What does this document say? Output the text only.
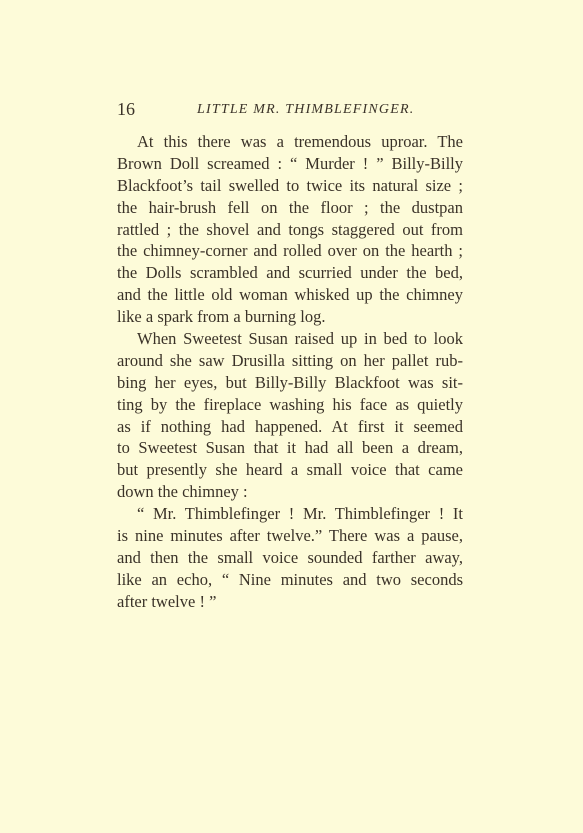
16	LITTLE MR. THIMBLEFINGER.
At this there was a tremendous uproar. The
Brown Doll screamed : “ Murder ! ” Billy-Billy
Blackfoot’s tail swelled to twice its natural size ;
the hair-brush fell on the floor ; the dustpan
rattled ; the shovel and tongs staggered out from
the chimney-corner and rolled over on the hearth ;
the Dolls scrambled and scurried under the bed,
and the little old woman whisked up the chimney
like a spark from a burning log.
When Sweetest Susan raised up in bed to look
around she saw Drusilla sitting on her pallet rub-
bing her eyes, but Billy-Billy Blackfoot was sit-
ting by the fireplace washing his face as quietly
as if nothing had happened. At first it seemed
to Sweetest Susan that it had all been a dream,
but presently she heard a small voice that came
down the chimney :
“ Mr. Thimblefinger ! Mr. Thimblefinger ! It
is nine minutes after twelve.” There was a pause,
and then the small voice sounded farther away,
like an echo, “ Nine minutes and two seconds
after twelve ! ”
